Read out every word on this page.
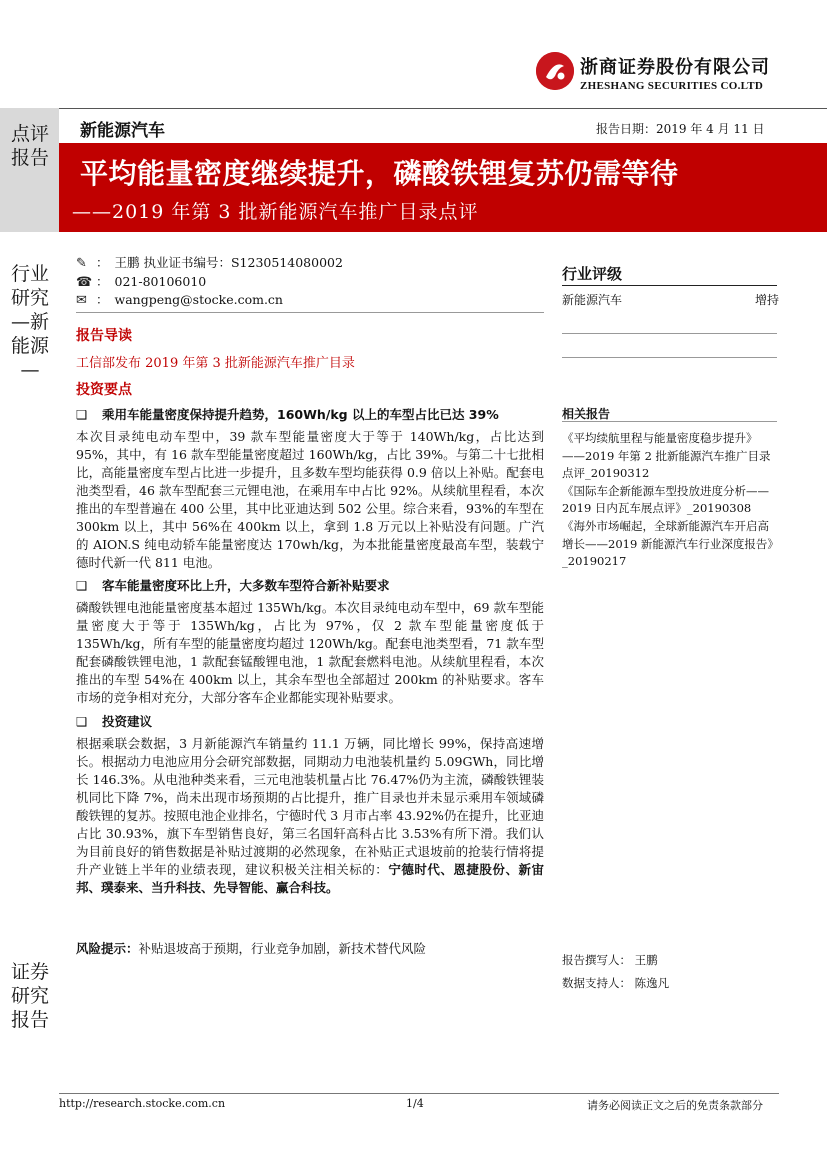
点评报告
行业研究—新能源—
证券研究报告
浙商证券股份有限公司
ZHESHANG SECURITIES CO.LTD
新能源汽车	报告日期：2019 年 4 月 11 日
平均能量密度继续提升，磷酸铁锂复苏仍需等待
——2019 年第 3 批新能源汽车推广目录点评
✎ ： 王鹏 执业证书编号：S1230514080002
☎ ： 021-80106010
✉ ： wangpeng@stocke.com.cn
报告导读
工信部发布 2019 年第 3 批新能源汽车推广目录
投资要点
❑ 乘用车能量密度保持提升趋势，160Wh/kg 以上的车型占比已达 39%
本次目录纯电动车型中，39 款车型能量密度大于等于 140Wh/kg，占比达到 95%，其中，有 16 款车型能量密度超过 160Wh/kg，占比 39%。与第二十七批相比，高能量密度车型占比进一步提升，且多数车型均能获得 0.9 倍以上补贴。配套电池类型看，46 款车型配套三元锂电池，在乘用车中占比 92%。从续航里程看，本次推出的车型普遍在 400 公里，其中比亚迪达到 502 公里。综合来看，93%的车型在 300km 以上，其中 56%在 400km 以上，拿到 1.8 万元以上补贴没有问题。广汽的 AION.S 纯电动轿车能量密度达 170wh/kg，为本批能量密度最高车型，装载宁德时代新一代 811 电池。
❑ 客车能量密度环比上升，大多数车型符合新补贴要求
磷酸铁锂电池能量密度基本超过 135Wh/kg。本次目录纯电动车型中，69 款车型能量密度大于等于 135Wh/kg，占比为 97%，仅 2 款车型能量密度低于 135Wh/kg，所有车型的能量密度均超过 120Wh/kg。配套电池类型看，71 款车型配套磷酸铁锂电池，1 款配套锰酸锂电池，1 款配套燃料电池。从续航里程看，本次推出的车型 54%在 400km 以上，其余车型也全部超过 200km 的补贴要求。客车市场的竞争相对充分，大部分客车企业都能实现补贴要求。
❑ 投资建议
根据乘联会数据，3 月新能源汽车销量约 11.1 万辆，同比增长 99%，保持高速增长。根据动力电池应用分会研究部数据，同期动力电池装机量约 5.09GWh，同比增长 146.3%。从电池种类来看，三元电池装机量占比 76.47%仍为主流，磷酸铁锂装机同比下降 7%，尚未出现市场预期的占比提升，推广目录也并未显示乘用车领域磷酸铁锂的复苏。按照电池企业排名，宁德时代 3 月市占率 43.92%仍在提升，比亚迪占比 30.93%，旗下车型销售良好，第三名国轩高科占比 3.53%有所下滑。我们认为目前良好的销售数据是补贴过渡期的必然现象，在补贴正式退坡前的抢装行情将提升产业链上半年的业绩表现，建议积极关注相关标的：宁德时代、恩捷股份、新宙邦、璞泰来、当升科技、先导智能、赢合科技。
风险提示：补贴退坡高于预期，行业竞争加剧，新技术替代风险
行业评级
新能源汽车	增持
相关报告
《平均续航里程与能量密度稳步提升》——2019 年第 2 批新能源汽车推广目录点评_20190312
《国际车企新能源车型投放进度分析——2019 日内瓦车展点评》_20190308
《海外市场崛起，全球新能源汽车开启高增长——2019 新能源汽车行业深度报告》_20190217
报告撰写人： 王鹏
数据支持人： 陈逸凡
http://research.stocke.com.cn	1/4	请务必阅读正文之后的免责条款部分
